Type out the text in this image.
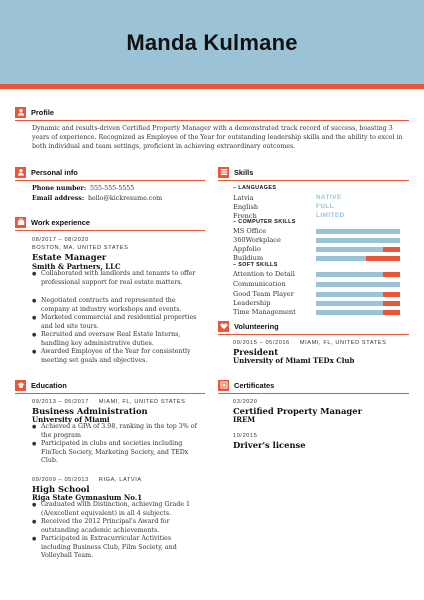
Manda Kulmane
Profile
Dynamic and results-driven Certified Property Manager with a demonstrated track record of success, boasting 3 years of experience. Recognized as Employee of the Year for outstanding leadership skills and the ability to excel in both individual and team settings, proficient in achieving extraordinary outcomes.
Personal info
Phone number: 555-555-5555
Email address: hello@kickresume.com
Work experience
08/2017 – 08/2020
BOSTON, MA, UNITED STATES
Estate Manager
Smith & Partners, LLC
● Collaborated with landlords and tenants to offer professional support for real estate matters.
● Negotiated contracts and represented the company at industry workshops and events.
● Marketed commercial and residential properties and led site tours.
● Recruited and oversaw Real Estate Interns, handling key administrative duties.
● Awarded Employee of the Year for consistently meeting set goals and objectives.
Education
09/2013 – 05/2017 MIAMI, FL, UNITED STATES
Business Administration
University of Miami
● Achieved a GPA of 3.98, ranking in the top 3% of the program
● Participated in clubs and societies including FinTech Society, Marketing Society, and TEDx Club.
09/2009 – 05/2013 RIGA, LATVIA
High School
Riga State Gymnasium No.1
● Graduated with Distinction, achieving Grade 1 (A/excellent equivalent) in all 4 subjects.
● Received the 2012 Principal's Award for outstanding academic achievements.
● Participated in Extracurricular Activities including Business Club, Film Society, and Volleyball Team.
Skills
– LANGUAGES
Latvia	NATIVE
English	FULL
French	LIMITED
– COMPUTER SKILLS
MS Office
360Workplace
Appfolio
Buildium
– SOFT SKILLS
Attention to Detail
Communication
Good Team Player
Leadership
Time Management
Volunteering
09/2015 – 05/2016 MIAMI, FL, UNITED STATES
President
University of Miami TEDx Club
Certificates
03/2020
Certified Property Manager
IREM
10/2015
Driver's license
